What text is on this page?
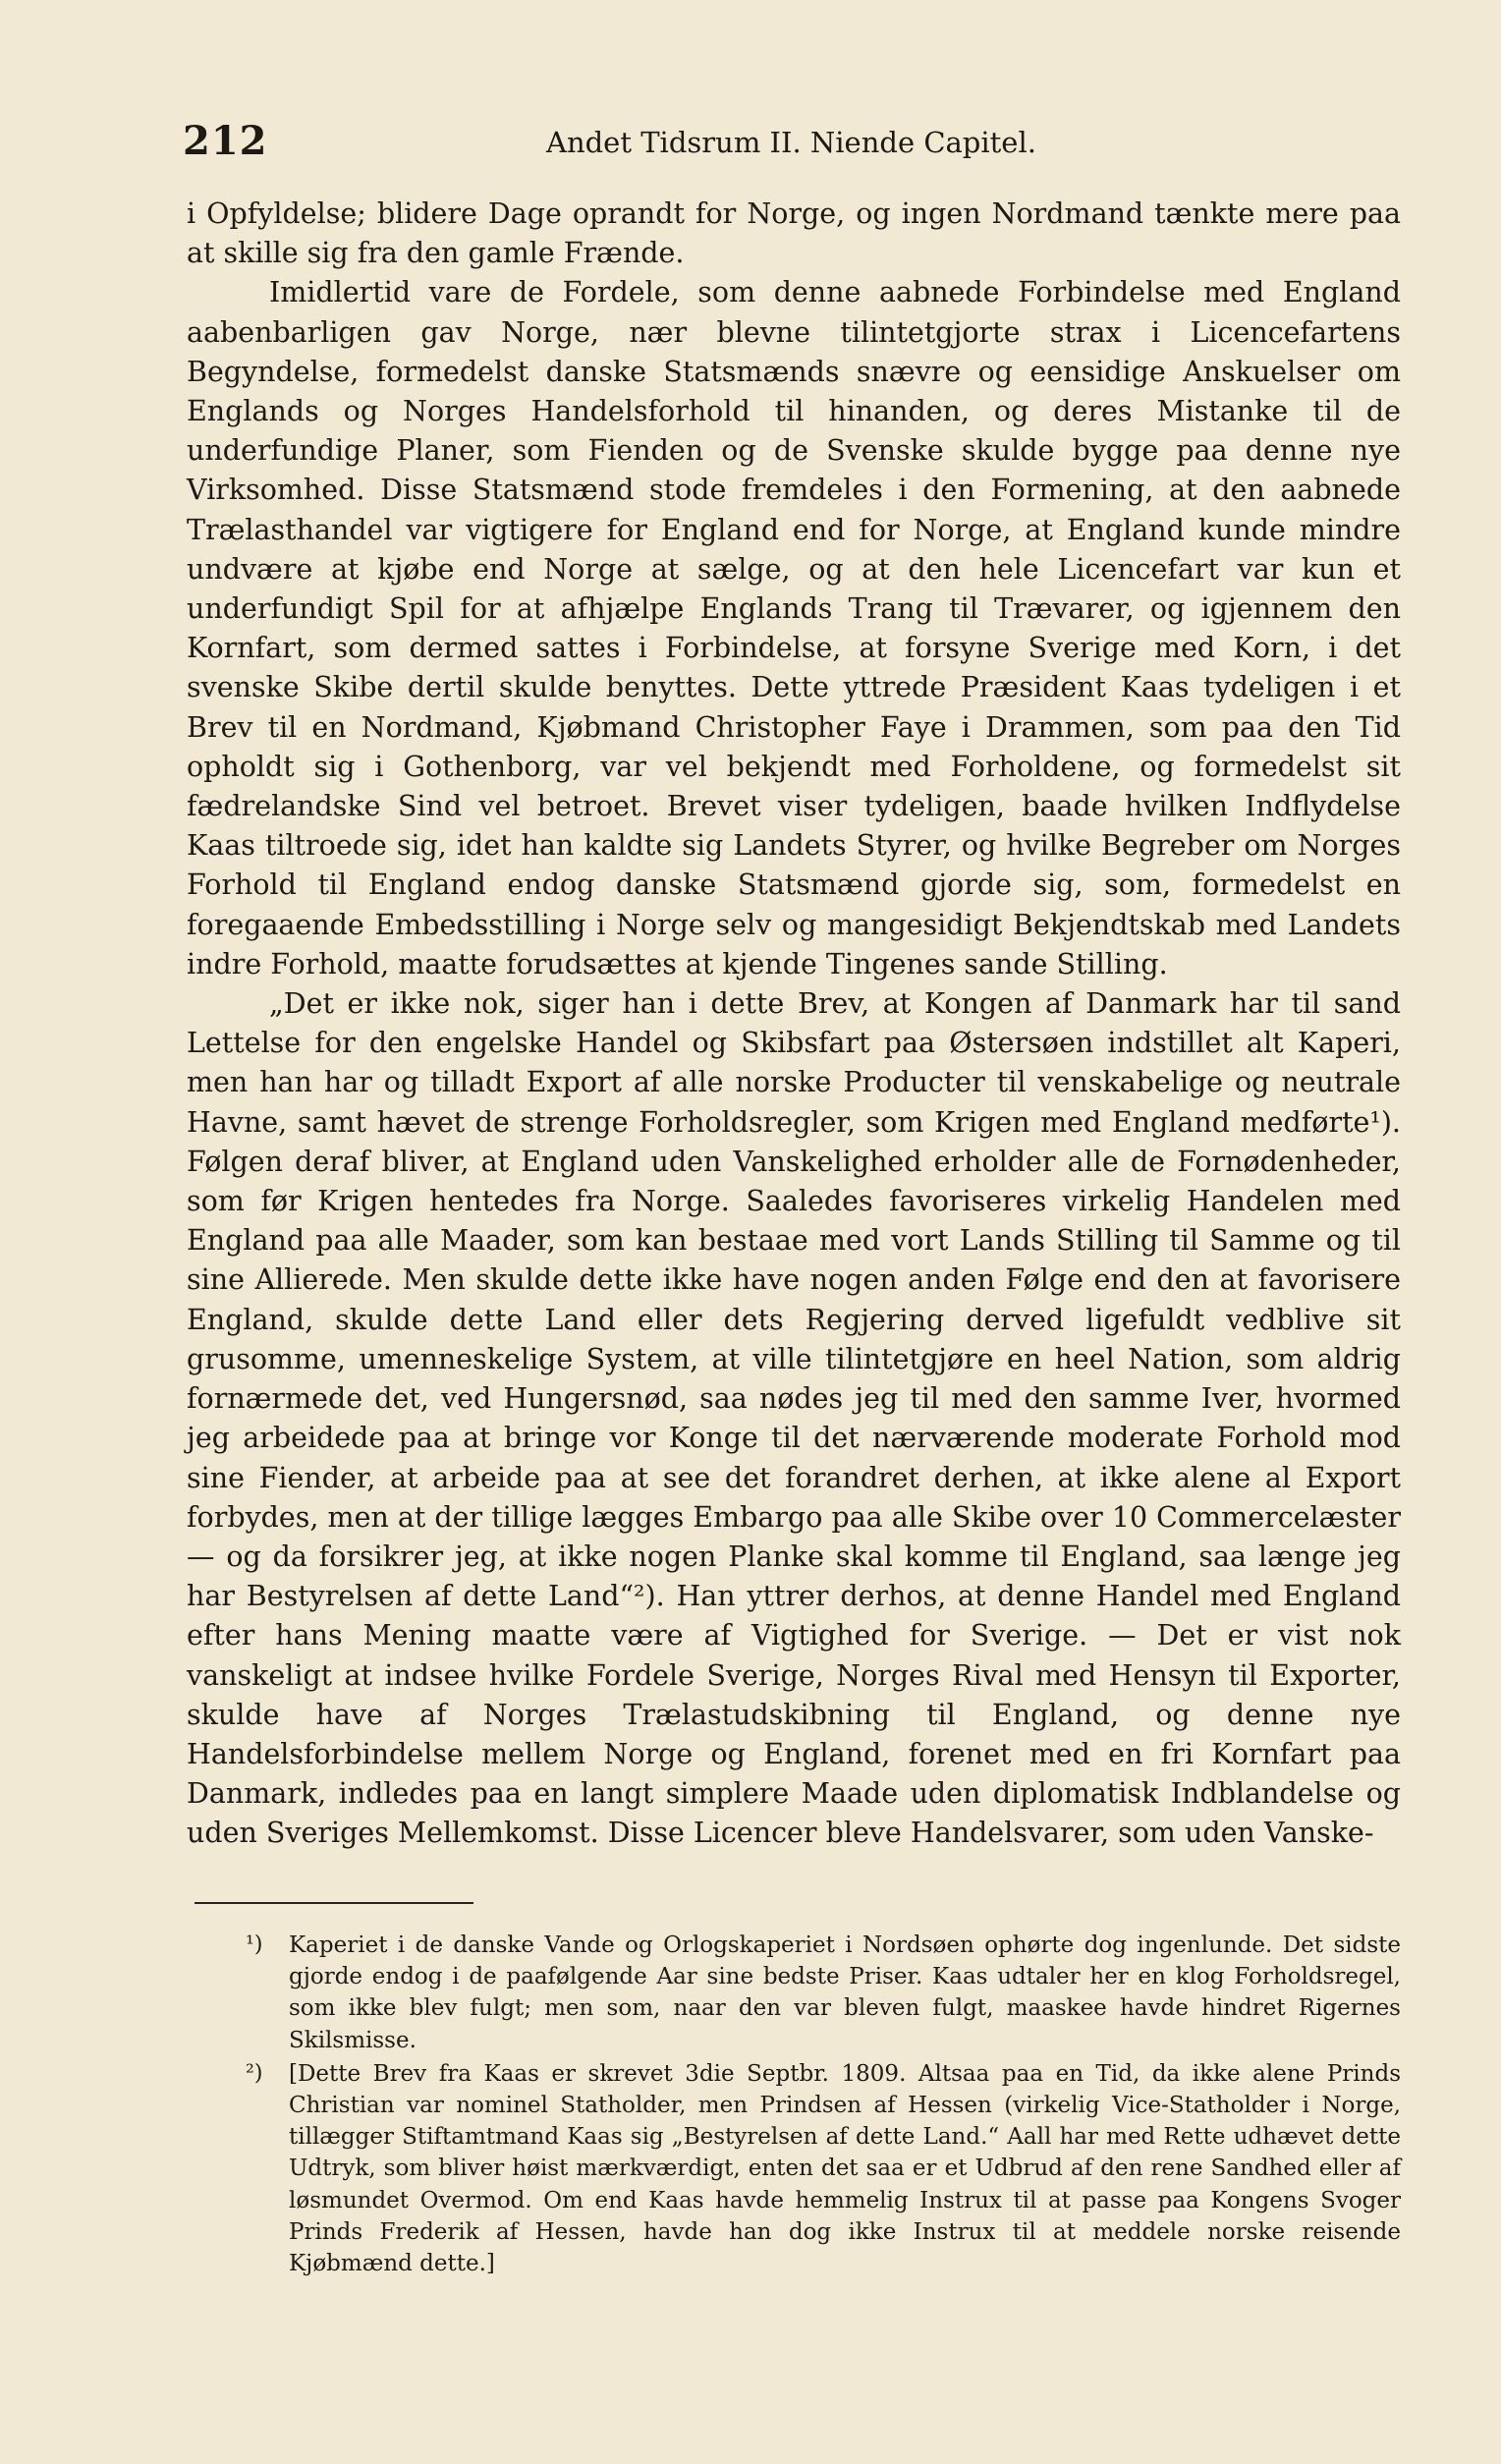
212	Andet Tidsrum II. Niende Capitel.

i Opfyldelse; blidere Dage oprandt for Norge, og ingen Nordmand tænkte mere paa at skille sig fra den gamle Frænde.

Imidlertid vare de Fordele, som denne aabnede Forbindelse med England aabenbarligen gav Norge, nær blevne tilintetgjorte strax i Licencefartens Begyndelse, formedelst danske Statsmænds snævre og eensidige Anskuelser om Englands og Norges Handelsforhold til hinanden, og deres Mistanke til de underfundige Planer, som Fienden og de Svenske skulde bygge paa denne nye Virksomhed. Disse Statsmænd stode fremdeles i den Formening, at den aabnede Trælasthandel var vigtigere for England end for Norge, at England kunde mindre undvære at kjøbe end Norge at sælge, og at den hele Licencefart var kun et underfundigt Spil for at afhjælpe Englands Trang til Trævarer, og igjennem den Kornfart, som dermed sattes i Forbindelse, at forsyne Sverige med Korn, i det svenske Skibe dertil skulde benyttes. Dette yttrede Præsident Kaas tydeligen i et Brev til en Nordmand, Kjøbmand Christopher Faye i Drammen, som paa den Tid opholdt sig i Gothenborg, var vel bekjendt med Forholdene, og formedelst sit fædrelandske Sind vel betroet. Brevet viser tydeligen, baade hvilken Indflydelse Kaas tiltroede sig, idet han kaldte sig Landets Styrer, og hvilke Begreber om Norges Forhold til England endog danske Statsmænd gjorde sig, som, formedelst en foregaaende Embedsstilling i Norge selv og mangesidigt Bekjendtskab med Landets indre Forhold, maatte forudsættes at kjende Tingenes sande Stilling.

„Det er ikke nok, siger han i dette Brev, at Kongen af Danmark har til sand Lettelse for den engelske Handel og Skibsfart paa Østersøen indstillet alt Kaperi, men han har og tilladt Export af alle norske Producter til venskabelige og neutrale Havne, samt hævet de strenge Forholdsregler, som Krigen med England medførte¹). Følgen deraf bliver, at England uden Vanskelighed erholder alle de Fornødenheder, som før Krigen hentedes fra Norge. Saaledes favoriseres virkelig Handelen med England paa alle Maader, som kan bestaae med vort Lands Stilling til Samme og til sine Allierede. Men skulde dette ikke have nogen anden Følge end den at favorisere England, skulde dette Land eller dets Regjering derved ligefuldt vedblive sit grusomme, umenneskelige System, at ville tilintetgjøre en heel Nation, som aldrig fornærmede det, ved Hungersnød, saa nødes jeg til med den samme Iver, hvormed jeg arbeidede paa at bringe vor Konge til det nærværende moderate Forhold mod sine Fiender, at arbeide paa at see det forandret derhen, at ikke alene al Export forbydes, men at der tillige lægges Embargo paa alle Skibe over 10 Commercelæster — og da forsikrer jeg, at ikke nogen Planke skal komme til England, saa længe jeg har Bestyrelsen af dette Land“²). Han yttrer derhos, at denne Handel med England efter hans Mening maatte være af Vigtighed for Sverige. — Det er vist nok vanskeligt at indsee hvilke Fordele Sverige, Norges Rival med Hensyn til Exporter, skulde have af Norges Trælastudskibning til England, og denne nye Handelsforbindelse mellem Norge og England, forenet med en fri Kornfart paa Danmark, indledes paa en langt simplere Maade uden diplomatisk Indblandelse og uden Sveriges Mellemkomst. Disse Licencer bleve Handelsvarer, som uden Vanske-

¹) Kaperiet i de danske Vande og Orlogskaperiet i Nordsøen ophørte dog ingenlunde. Det sidste gjorde endog i de paafølgende Aar sine bedste Priser. Kaas udtaler her en klog Forholdsregel, som ikke blev fulgt; men som, naar den var bleven fulgt, maaskee havde hindret Rigernes Skilsmisse.
²) [Dette Brev fra Kaas er skrevet 3die Septbr. 1809. Altsaa paa en Tid, da ikke alene Prinds Christian var nominel Statholder, men Prindsen af Hessen (virkelig Vice-Statholder i Norge, tillægger Stiftamtmand Kaas sig „Bestyrelsen af dette Land.“ Aall har med Rette udhævet dette Udtryk, som bliver høist mærkværdigt, enten det saa er et Udbrud af den rene Sandhed eller af løsmundet Overmod. Om end Kaas havde hemmelig Instrux til at passe paa Kongens Svoger Prinds Frederik af Hessen, havde han dog ikke Instrux til at meddele norske reisende Kjøbmænd dette.]
